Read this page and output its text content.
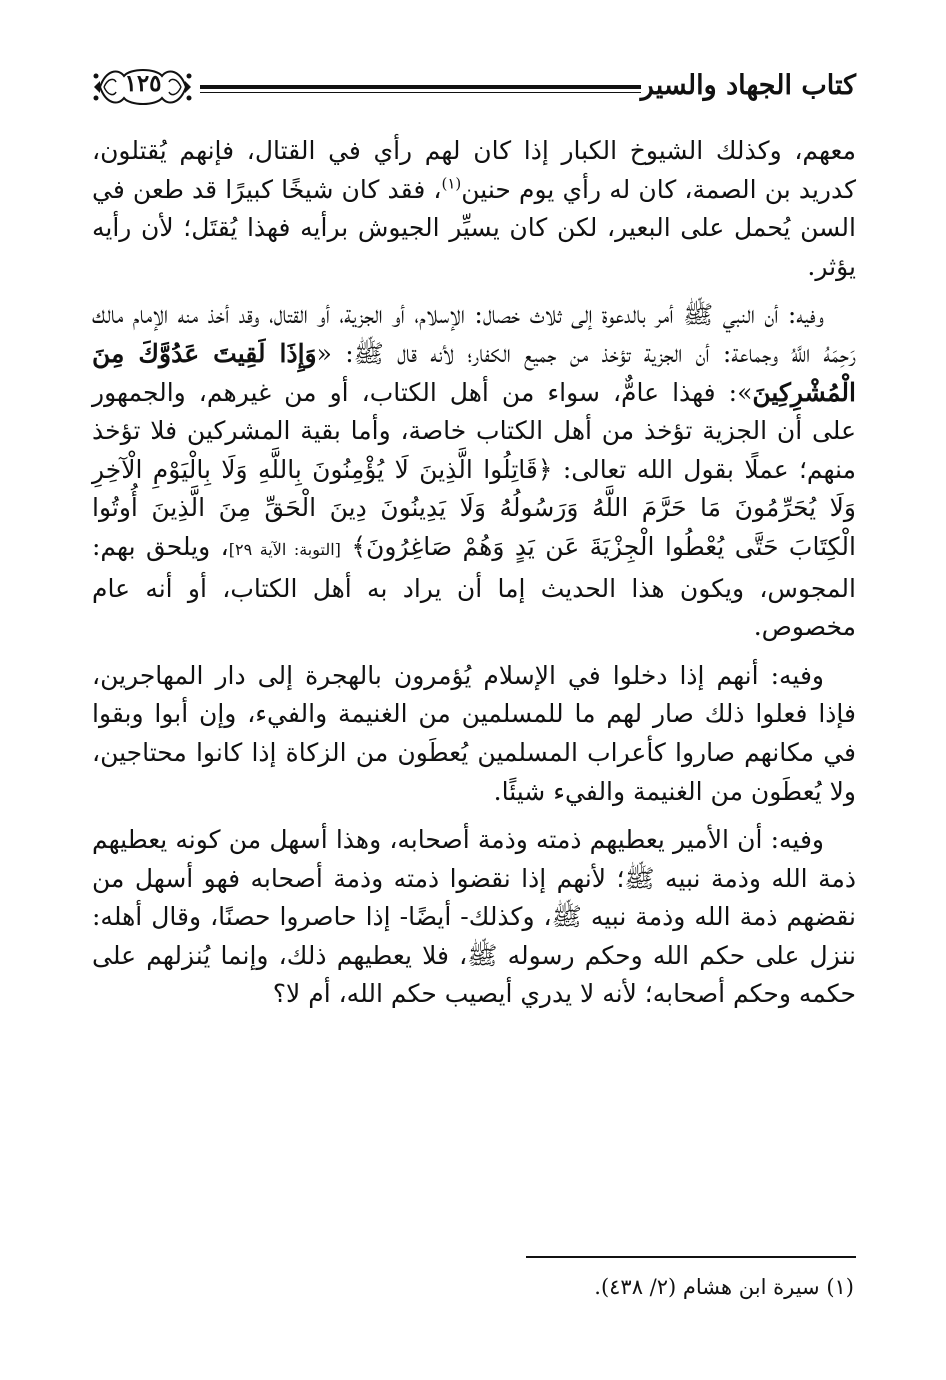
كتاب الجهاد والسير
١٢٥

معهم، وكذلك الشيوخ الكبار إذا كان لهم رأي في القتال، فإنهم يُقتلون، كدريد بن الصمة، كان له رأي يوم حنين$^{(١)}$، فقد كان شيخًا كبيرًا قد طعن في السن يُحمل على البعير، لكن كان يسيِّر الجيوش برأيه فهذا يُقتَل؛ لأن رأيه يؤثر.

وفيه: أن النبي ﷺ أمر بالدعوة إلى ثلاث خصال: الإسلام، أو الجزية، أو القتال، وقد أخذ منه الإمام مالك رَحِمَهُ اللَّهُ وجماعة: أن الجزية تؤخذ من جميع الكفار؛ لأنه قال ﷺ: «وَإِذَا لَقِيتَ عَدُوَّكَ مِنَ الْمُشْرِكِينَ»: فهذا عامٌّ، سواء من أهل الكتاب، أو من غيرهم، والجمهور على أن الجزية تؤخذ من أهل الكتاب خاصة، وأما بقية المشركين فلا تؤخذ منهم؛ عملًا بقول الله تعالى: ﴿قَاتِلُوا الَّذِينَ لَا يُؤْمِنُونَ بِاللَّهِ وَلَا بِالْيَوْمِ الْآخِرِ وَلَا يُحَرِّمُونَ مَا حَرَّمَ اللَّهُ وَرَسُولُهُ وَلَا يَدِينُونَ دِينَ الْحَقِّ مِنَ الَّذِينَ أُوتُوا الْكِتَابَ حَتَّى يُعْطُوا الْجِزْيَةَ عَن يَدٍ وَهُمْ صَاغِرُونَ﴾ [التوبة: الآية ٢٩]، ويلحق بهم: المجوس، ويكون هذا الحديث إما أن يراد به أهل الكتاب، أو أنه عام مخصوص.

وفيه: أنهم إذا دخلوا في الإسلام يُؤمرون بالهجرة إلى دار المهاجرين، فإذا فعلوا ذلك صار لهم ما للمسلمين من الغنيمة والفيء، وإن أبوا وبقوا في مكانهم صاروا كأعراب المسلمين يُعطَون من الزكاة إذا كانوا محتاجين، ولا يُعطَون من الغنيمة والفيء شيئًا.

وفيه: أن الأمير يعطيهم ذمته وذمة أصحابه، وهذا أسهل من كونه يعطيهم ذمة الله وذمة نبيه ﷺ؛ لأنهم إذا نقضوا ذمته وذمة أصحابه فهو أسهل من نقضهم ذمة الله وذمة نبيه ﷺ، وكذلك- أيضًا- إذا حاصروا حصنًا، وقال أهله: ننزل على حكم الله وحكم رسوله ﷺ، فلا يعطيهم ذلك، وإنما يُنزلهم على حكمه وحكم أصحابه؛ لأنه لا يدري أيصيب حكم الله، أم لا؟

(١) سيرة ابن هشام (٢/ ٤٣٨).
